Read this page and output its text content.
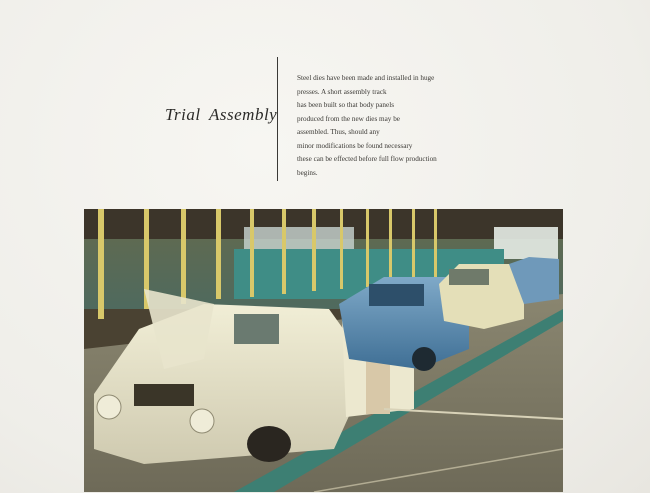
Trial Assembly
Steel dies have been made and installed in huge
presses. A short assembly track
has been built so that body panels
produced from the new dies may be
assembled. Thus, should any
minor modifications be found necessary
these can be effected before full flow production
begins.
